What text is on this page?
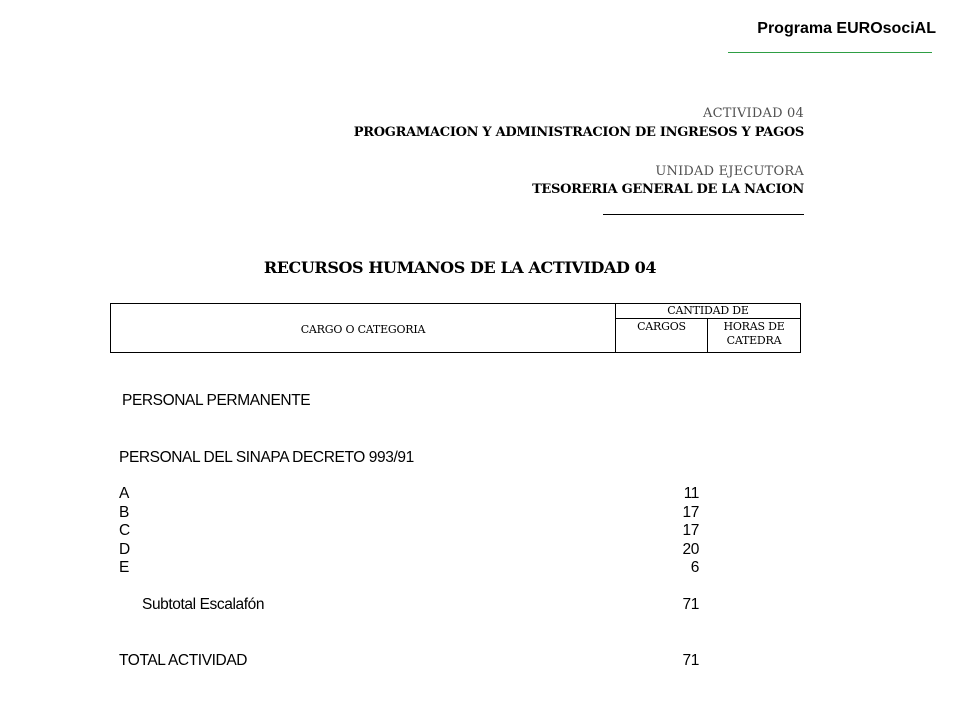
Programa EUROsociAL
ACTIVIDAD 04
PROGRAMACION Y ADMINISTRACION DE INGRESOS Y PAGOS
UNIDAD EJECUTORA
TESORERIA GENERAL DE LA NACION
RECURSOS HUMANOS DE LA ACTIVIDAD 04
CARGO O CATEGORIA
CANTIDAD DE
CARGOS	HORAS DE
CATEDRA
PERSONAL PERMANENTE
PERSONAL DEL SINAPA DECRETO 993/91
A	11
B	17
C	17
D	20
E	6
Subtotal Escalafón	71
TOTAL ACTIVIDAD	71
